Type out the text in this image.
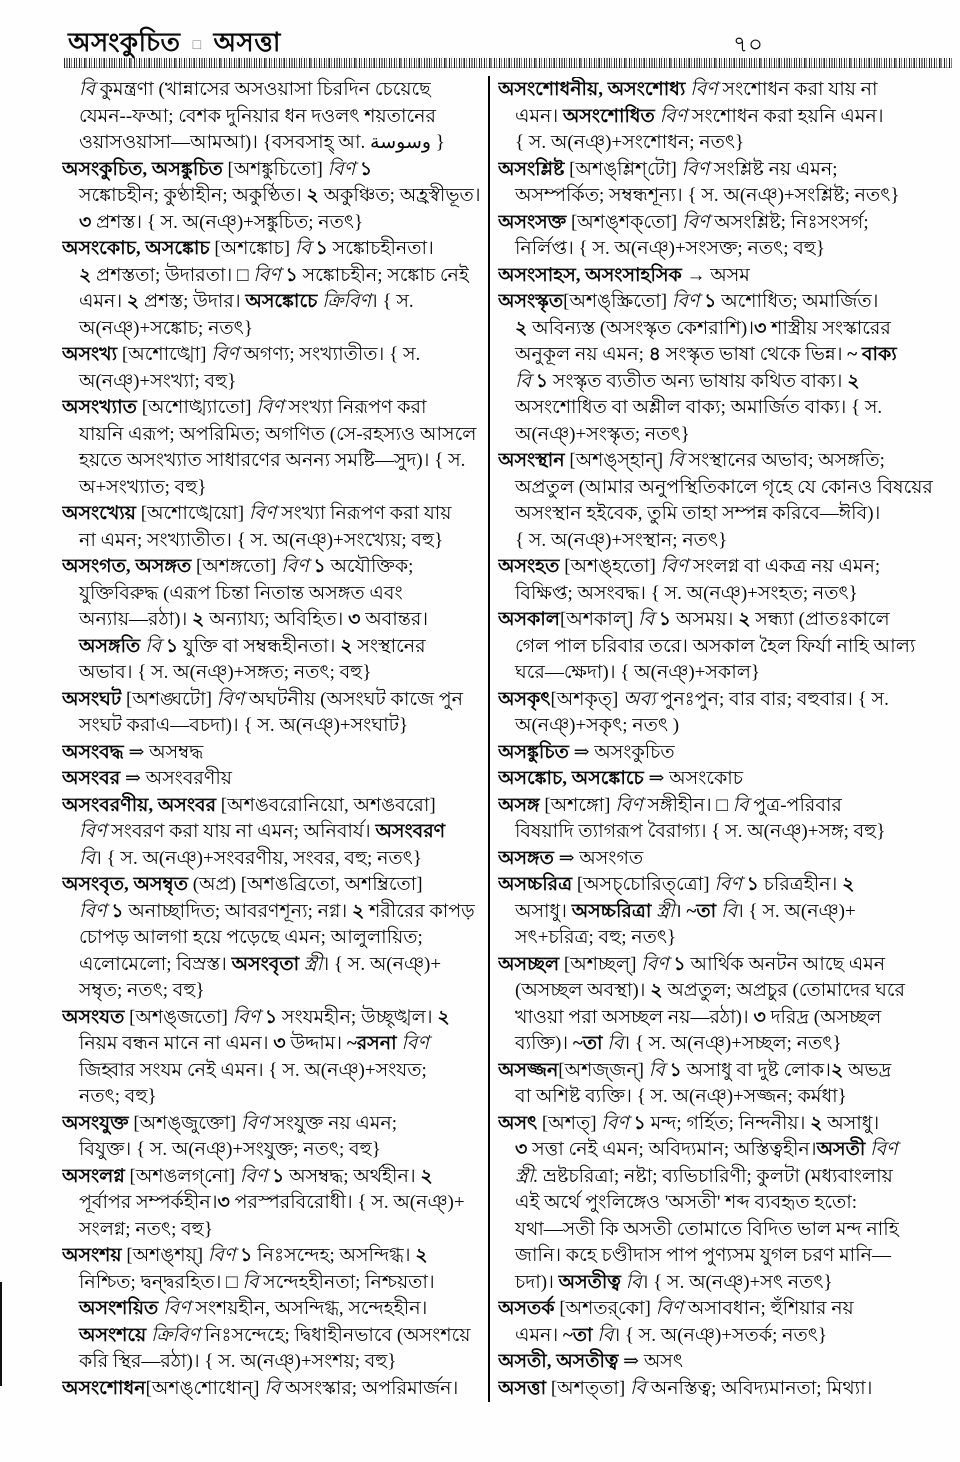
অসংকুচিত □ অসত্তা	৭০
বি কুমন্ত্রণা (খান্নাসের অসওয়াসা চিরদিন চেয়েছে
যেমন--ফআ; বেশক দুনিয়ার ধন দওলৎ শয়তানের
ওয়াসওয়াসা—আমআ)। {বসবসাহ্ আ. وسوسة }
অসংকুচিত, অসঙ্কুচিত [অশঙ্কুচিতো] বিণ ১
সঙ্কোচহীন; কুণ্ঠাহীন; অকুণ্ঠিত। ২ অকুঞ্চিত; অহ্রস্বীভূত।
৩ প্রশস্ত। { স. অ(নঞ্)+সঙ্কুচিত; নতৎ}
অসংকোচ, অসঙ্কোচ [অশঙ্কোচ] বি ১ সঙ্কোচহীনতা।
২ প্রশস্ততা; উদারতা। □ বিণ ১ সঙ্কোচহীন; সঙ্কোচ নেই
এমন। ২ প্রশস্ত; উদার। অসঙ্কোচে ক্রিবিণ। { স.
অ(নঞ্)+সঙ্কোচ; নতৎ}
অসংখ্য [অশোঙ্খো] বিণ অগণ্য; সংখ্যাতীত। { স.
অ(নঞ্)+সংখ্যা; বহু}
অসংখ্যাত [অশোঙ্খ্যাতো] বিণ সংখ্যা নিরূপণ করা
যায়নি এরূপ; অপরিমিত; অগণিত (সে-রহস্যও আসলে
হয়তে অসংখ্যাত সাধারণের অনন্য সমষ্টি—সুদ)। { স.
অ+সংখ্যাত; বহু}
অসংখ্যেয় [অশোঙ্খেয়ো] বিণ সংখ্যা নিরূপণ করা যায়
না এমন; সংখ্যাতীত। { স. অ(নঞ্)+সংখ্যেয়; বহু}
অসংগত, অসঙ্গত [অশঙ্গতো] বিণ ১ অযৌক্তিক;
যুক্তিবিরুদ্ধ (এরূপ চিন্তা নিতান্ত অসঙ্গত এবং
অন্যায়—রঠা)। ২ অন্যায্য; অবিহিত। ৩ অবান্তর।
অসঙ্গতি বি ১ যুক্তি বা সম্বন্ধহীনতা। ২ সংস্থানের
অভাব। { স. অ(নঞ্)+সঙ্গত; নতৎ; বহু}
অসংঘট [অশঙ্ঘটো] বিণ অঘটনীয় (অসংঘট কাজে পুন
সংঘট করাএ—বচদা)। { স. অ(নঞ্)+সংঘাট}
অসংবদ্ধ ⇒ অসম্বদ্ধ
অসংবর ⇒ অসংবরণীয়
অসংবরণীয়, অসংবর [অশঙবরোনিয়ো, অশঙবরো]
বিণ সংবরণ করা যায় না এমন; অনিবার্য। অসংবরণ
বি। { স. অ(নঞ্)+সংবরণীয়, সংবর, বহু; নতৎ}
অসংবৃত, অসম্বৃত (অপ্র) [অশঙব্রিতো, অশম্ব্রিতো]
বিণ ১ অনাচ্ছাদিত; আবরণশূন্য; নগ্ন। ২ শরীরের কাপড়
চোপড় আলগা হয়ে পড়েছে এমন; আলুলায়িত;
এলোমেলো; বিস্রস্ত। অসংবৃতা স্ত্রী। { স. অ(নঞ্)+
সম্বৃত; নতৎ; বহু}
অসংযত [অশঙ্‌জতো] বিণ ১ সংযমহীন; উচ্ছৃঙ্খল। ২
নিয়ম বন্ধন মানে না এমন। ৩ উদ্দাম। ~রসনা বিণ
জিহ্বার সংযম নেই এমন। { স. অ(নঞ্)+সংযত;
নতৎ; বহু}
অসংযুক্ত [অশঙ্‌জুক্তো] বিণ সংযুক্ত নয় এমন;
বিযুক্ত। { স. অ(নঞ্)+সংযুক্ত; নতৎ; বহু}
অসংলগ্ন [অশঙলগ্‌নো] বিণ ১ অসম্বদ্ধ; অর্থহীন। ২
পূর্বাপর সম্পর্কহীন।৩ পরস্পরবিরোধী। { স. অ(নঞ্)+
সংলগ্ন; নতৎ; বহু}
অসংশয় [অশঙ্‌শয়্] বিণ ১ নিঃসন্দেহ; অসন্দিগ্ধ। ২
নিশ্চিত; দ্বন্দ্বরহিত। □ বি সন্দেহহীনতা; নিশ্চয়তা।
অসংশয়িত বিণ সংশয়হীন, অসন্দিগ্ধ, সন্দেহহীন।
অসংশয়ে ক্রিবিণ নিঃসন্দেহে; দ্বিধাহীনভাবে (অসংশয়ে
করি স্থির—রঠা)। { স. অ(নঞ্)+সংশয়; বহু}
অসংশোধন[অশঙ্‌শোধোন্] বি অসংস্কার; অপরিমার্জন।
অসংশোধনীয়, অসংশোধ্য বিণ সংশোধন করা যায় না
এমন। অসংশোধিত বিণ সংশোধন করা হয়নি এমন।
{ স. অ(নঞ্)+সংশোধন; নতৎ}
অসংশ্লিষ্ট [অশঙ্‌শ্লিশ্‌টো] বিণ সংশ্লিষ্ট নয় এমন;
অসম্পর্কিত; সম্বন্ধশূন্য। { স. অ(নঞ্)+সংশ্লিষ্ট; নতৎ}
অসংসক্ত [অশঙ্‌শক্‌তো] বিণ অসংশ্লিষ্ট; নিঃসংসর্গ;
নির্লিপ্ত। { স. অ(নঞ্)+সংসক্ত; নতৎ; বহু}
অসংসাহস, অসংসাহসিক → অসম
অসংস্কৃত[অশঙ্‌স্ক্রিতো] বিণ ১ অশোধিত; অমার্জিত।
২ অবিন্যস্ত (অসংস্কৃত কেশরাশি)।৩ শাস্ত্রীয় সংস্কারের
অনুকূল নয় এমন; ৪ সংস্কৃত ভাষা থেকে ভিন্ন। ~ বাক্য
বি ১ সংস্কৃত ব্যতীত অন্য ভাষায় কথিত বাক্য। ২
অসংশোধিত বা অশ্লীল বাক্য; অমার্জিত বাক্য। { স.
অ(নঞ্)+সংস্কৃত; নতৎ}
অসংস্থান [অশঙ্‌স্‌হান্] বি সংস্থানের অভাব; অসঙ্গতি;
অপ্রতুল (আমার অনুপস্থিতিকালে গৃহে যে কোনও বিষয়ের
অসংস্থান হইবেক, তুমি তাহা সম্পন্ন করিবে—ঈবি)।
{ স. অ(নঞ্)+সংস্থান; নতৎ}
অসংহত [অশঙ্‌হতো] বিণ সংলগ্ন বা একত্র নয় এমন;
বিক্ষিপ্ত; অসংবদ্ধ। { স. অ(নঞ্)+সংহত; নতৎ}
অসকাল[অশকাল্] বি ১ অসময়। ২ সন্ধ্যা (প্রাতঃকালে
গেল পাল চরিবার তরে। অসকাল হৈল ফির্যা নাহি আল্য
ঘরে—ক্ষেদা)। { অ(নঞ্)+সকাল}
অসকৃৎ[অশকৃত্] অব্য পুনঃপুন; বার বার; বহুবার। { স.
অ(নঞ্)+সকৃৎ; নতৎ )
অসঙ্কুচিত ⇒ অসংকুচিত
অসঙ্কোচ, অসঙ্কোচে ⇒ অসংকোচ
অসঙ্গ [অশঙ্গো] বিণ সঙ্গীহীন। □ বি পুত্র-পরিবার
বিষয়াদি ত্যাগরূপ বৈরাগ্য। { স. অ(নঞ্)+সঙ্গ; বহু}
অসঙ্গত ⇒ অসংগত
অসচ্চরিত্র [অসচ্‌চোরিত্‌ত্রো] বিণ ১ চরিত্রহীন। ২
অসাধু। অসচ্চরিত্রা স্ত্রী। ~তা বি। { স. অ(নঞ্)+
সৎ+চরিত্র; বহু; নতৎ}
অসচ্ছল [অশচ্ছল্] বিণ ১ আর্থিক অনটন আছে এমন
(অসচ্ছল অবস্থা)। ২ অপ্রতুল; অপ্রচুর (তোমাদের ঘরে
খাওয়া পরা অসচ্ছল নয়—রঠা)। ৩ দরিদ্র (অসচ্ছল
ব্যক্তি)। ~তা বি। { স. অ(নঞ্)+সচ্ছল; নতৎ}
অসজ্জন[অশজ্‌জন্] বি ১ অসাধু বা দুষ্ট লোক।২ অভদ্র
বা অশিষ্ট ব্যক্তি। { স. অ(নঞ্)+সজ্জন; কর্মধা}
অসৎ [অশত্] বিণ ১ মন্দ; গর্হিত; নিন্দনীয়। ২ অসাধু।
৩ সত্তা নেই এমন; অবিদ্যমান; অস্তিত্বহীন।অসতী বিণ
স্ত্রী. ভ্রষ্টচরিত্রা; নষ্টা; ব্যভিচারিণী; কুলটা (মধ্যবাংলায়
এই অর্থে পুংলিঙ্গেও 'অসতী' শব্দ ব্যবহৃত হতো:
যথা—সতী কি অসতী তোমাতে বিদিত ভাল মন্দ নাহি
জানি। কহে চণ্ডীদাস পাপ পুণ্যসম যুগল চরণ মানি—
চদা)। অসতীত্ব বি। { স. অ(নঞ্)+সৎ নতৎ}
অসতর্ক [অশতর্‌কো] বিণ অসাবধান; হুঁশিয়ার নয়
এমন। ~তা বি। { স. অ(নঞ্)+সতর্ক; নতৎ}
অসতী, অসতীত্ব ⇒ অসৎ
অসত্তা [অশত্‌তা] বি অনস্তিত্ব; অবিদ্যমানতা; মিথ্যা।
